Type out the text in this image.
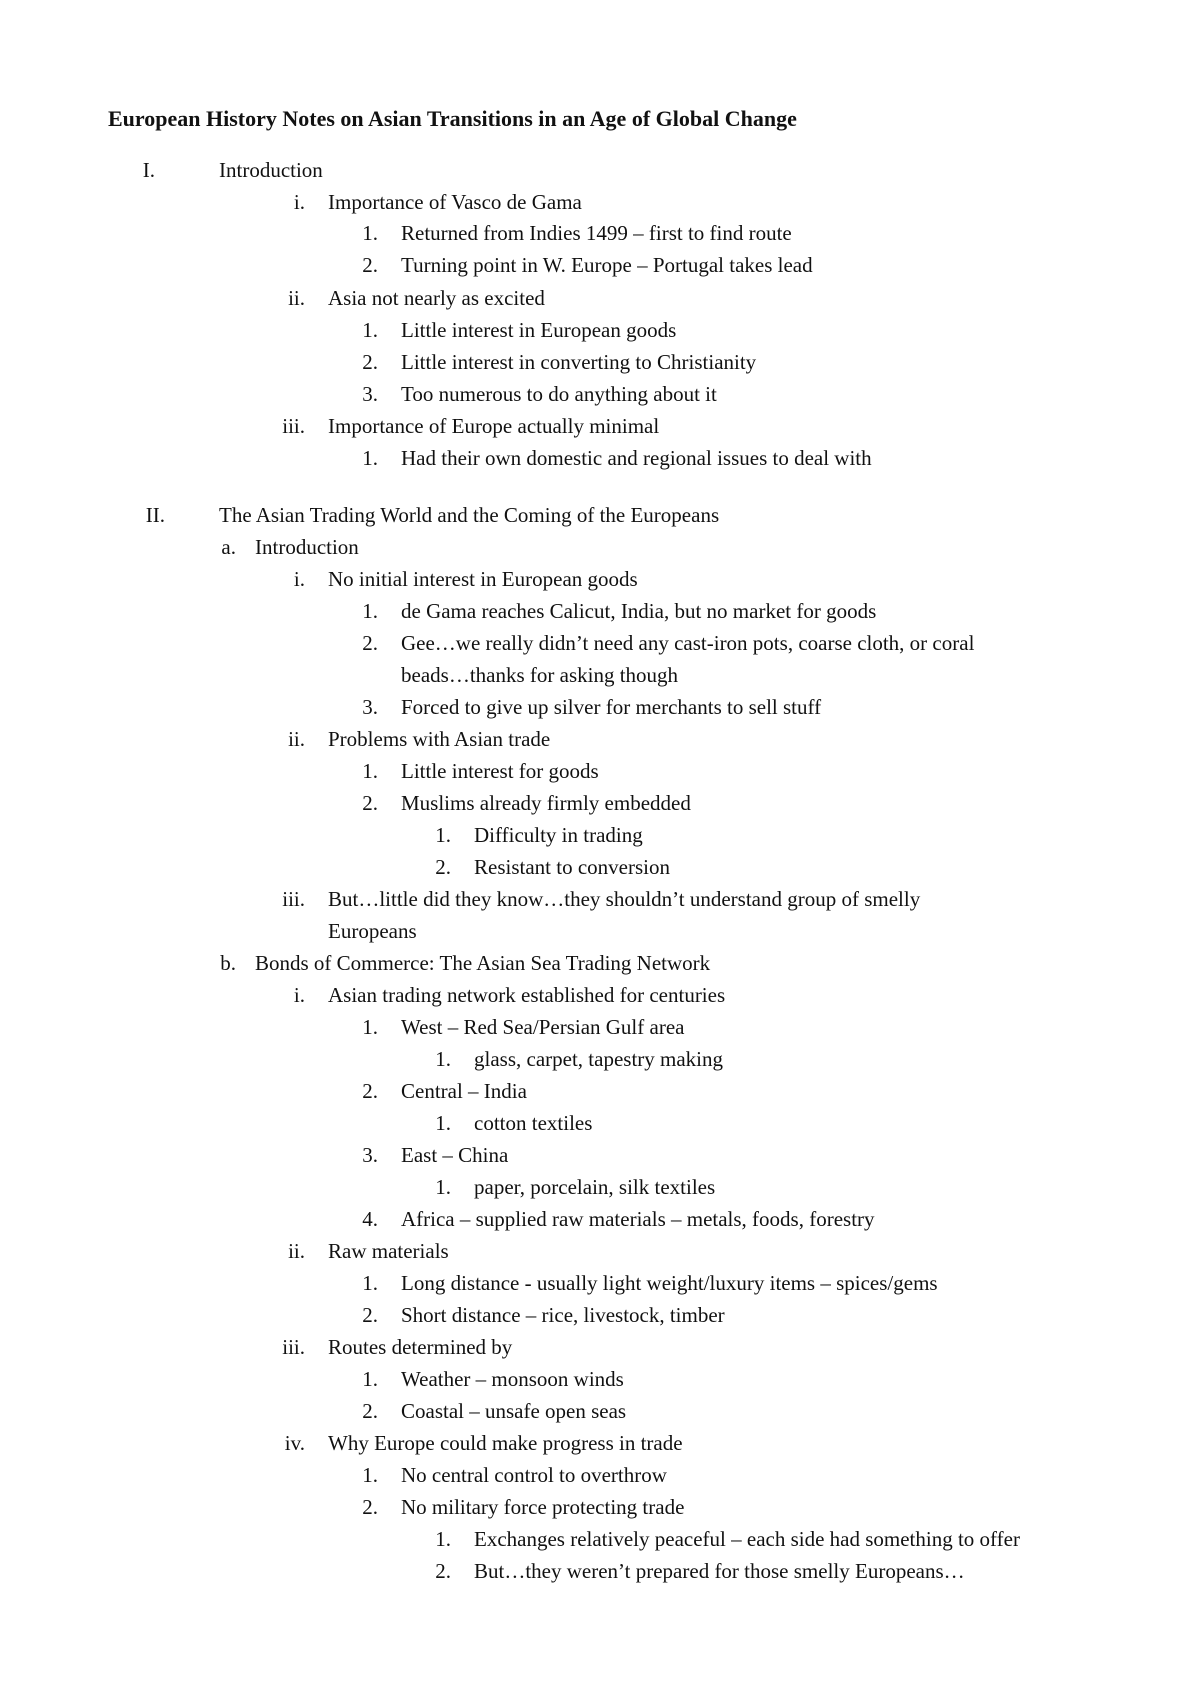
European History Notes on Asian Transitions in an Age of Global Change
I.	Introduction
i. Importance of Vasco de Gama
1. Returned from Indies 1499 – first to find route
2. Turning point in W. Europe – Portugal takes lead
ii. Asia not nearly as excited
1. Little interest in European goods
2. Little interest in converting to Christianity
3. Too numerous to do anything about it
iii. Importance of Europe actually minimal
1. Had their own domestic and regional issues to deal with
II.	The Asian Trading World and the Coming of the Europeans
a. Introduction
i. No initial interest in European goods
1. de Gama reaches Calicut, India, but no market for goods
2. Gee…we really didn’t need any cast-iron pots, coarse cloth, or coral
beads…thanks for asking though
3. Forced to give up silver for merchants to sell stuff
ii. Problems with Asian trade
1. Little interest for goods
2. Muslims already firmly embedded
1. Difficulty in trading
2. Resistant to conversion
iii. But…little did they know…they shouldn’t understand group of smelly
Europeans
b. Bonds of Commerce: The Asian Sea Trading Network
i. Asian trading network established for centuries
1. West – Red Sea/Persian Gulf area
1. glass, carpet, tapestry making
2. Central – India
1. cotton textiles
3. East – China
1. paper, porcelain, silk textiles
4. Africa – supplied raw materials – metals, foods, forestry
ii. Raw materials
1. Long distance - usually light weight/luxury items – spices/gems
2. Short distance – rice, livestock, timber
iii. Routes determined by
1. Weather – monsoon winds
2. Coastal – unsafe open seas
iv. Why Europe could make progress in trade
1. No central control to overthrow
2. No military force protecting trade
1. Exchanges relatively peaceful – each side had something to offer
2. But…they weren’t prepared for those smelly Europeans…
